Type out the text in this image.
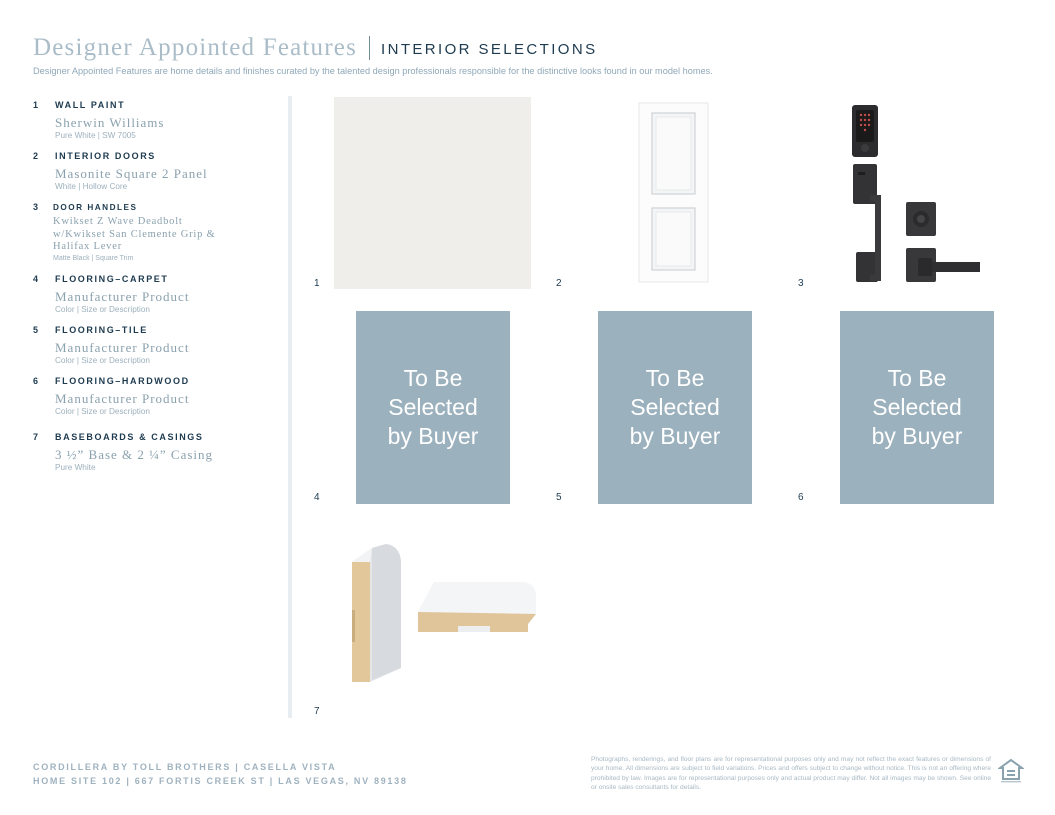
Designer Appointed Features INTERIOR SELECTIONS
Designer Appointed Features are home details and finishes curated by the talented design professionals responsible for the distinctive looks found in our model homes.
1	WALL PAINT
Sherwin Williams
Pure White | SW 7005
2	INTERIOR DOORS
Masonite Square 2 Panel
White | Hollow Core
3	DOOR HANDLES
Kwikset Z Wave Deadbolt w/Kwikset San Clemente Grip & Halifax Lever
Matte Black | Square Trim
4	FLOORING–CARPET
Manufacturer Product
Color | Size or Description
5	FLOORING–TILE
Manufacturer Product
Color | Size or Description
6	FLOORING–HARDWOOD
Manufacturer Product
Color | Size or Description
7	BASEBOARDS & CASINGS
3 ½” Base & 2 ¼” Casing
Pure White
1	2	3
To Be Selected by Buyer
4
To Be Selected by Buyer
5
To Be Selected by Buyer
6
7
CORDILLERA BY TOLL BROTHERS | CASELLA VISTA
HOME SITE 102 | 667 FORTIS CREEK ST | LAS VEGAS, NV 89138
Photographs, renderings, and floor plans are for representational purposes only and may not reflect the exact features or dimensions of your home. All dimensions are subject to field variations. Prices and offers subject to change without notice. This is not an offering where prohibited by law. Images are for representational purposes only and actual product may differ. Not all images may be shown. See online or onsite sales consultants for details.
